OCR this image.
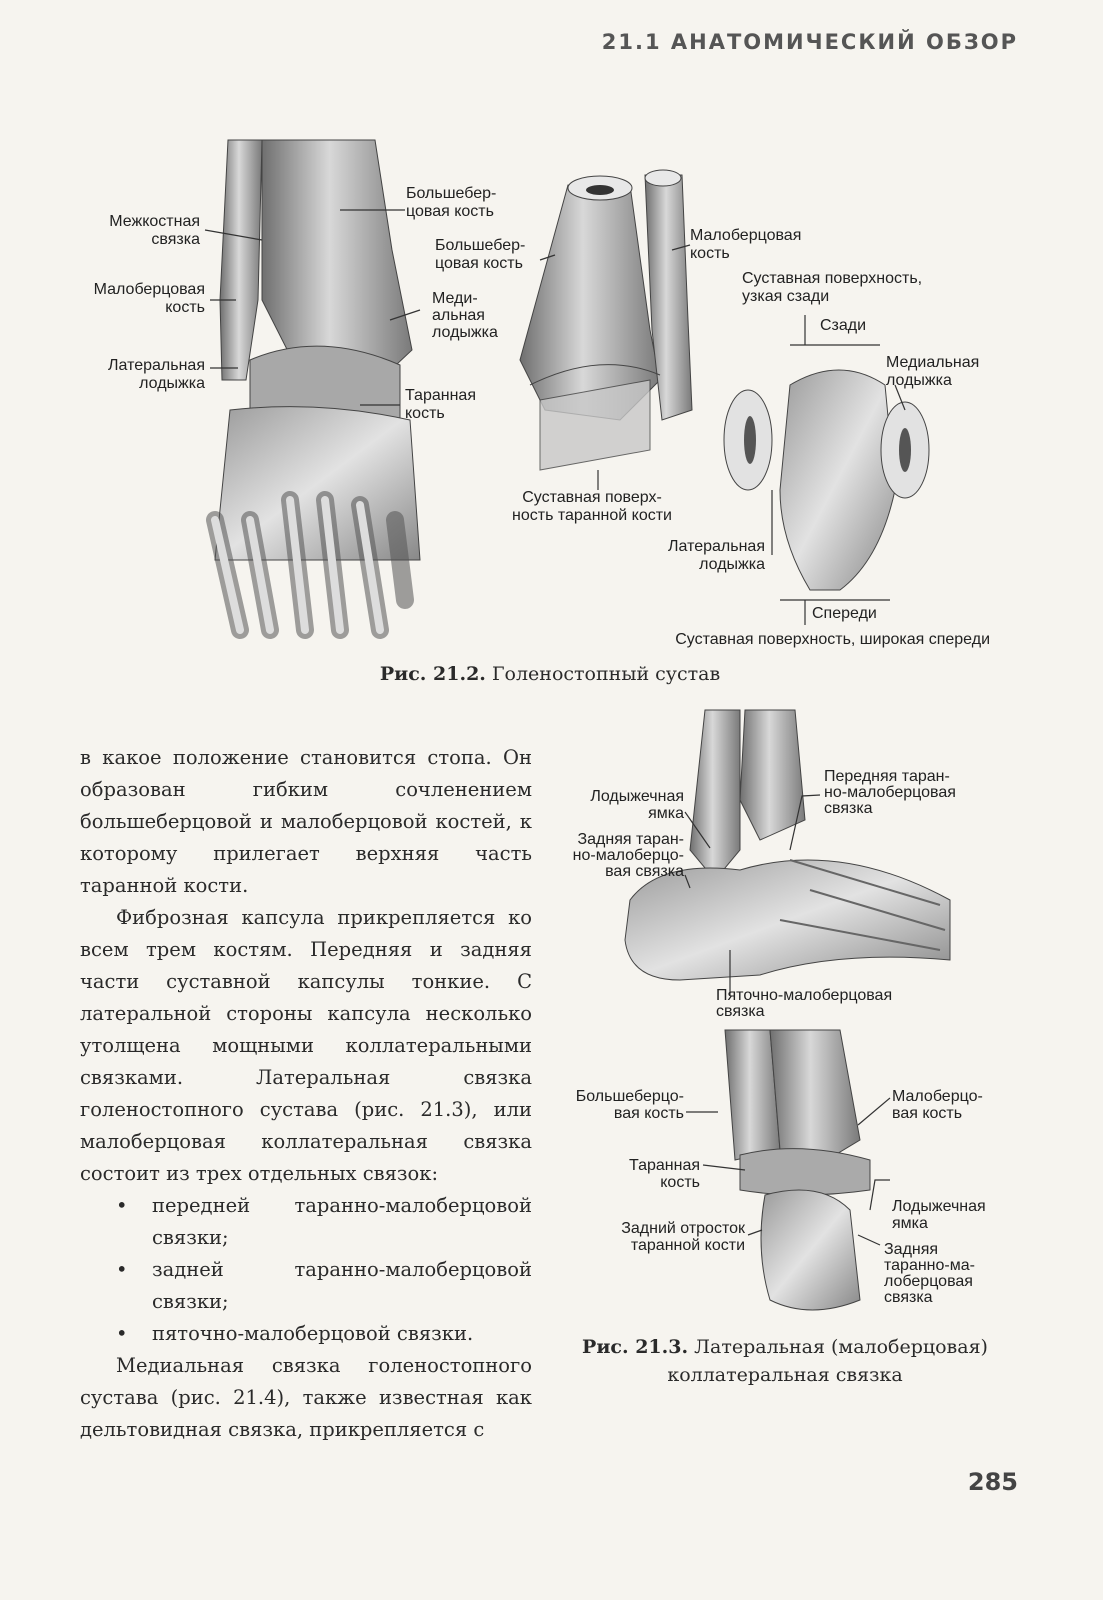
21.1 АНАТОМИЧЕСКИЙ ОБЗОР
Межкостная связка
Малоберцовая кость
Латеральная лодыжка
Большебер-цовая кость
Большебер-цовая кость
Меди-альная лодыжка
Таранная кость
Малоберцовая кость
Суставная поверхность, узкая сзади
Сзади
Медиальная лодыжка
Суставная поверх-ность таранной кости
Латеральная лодыжка
Спереди
Суставная поверхность, широкая спереди
Рис. 21.2. Голеностопный сустав

в какое положение становится стопа. Он образован гибким сочленением большеберцовой и малоберцовой костей, к которому прилегает верхняя часть таранной кости.

Фиброзная капсула прикрепляется ко всем трем костям. Передняя и задняя части суставной капсулы тонкие. С латеральной стороны капсула несколько утолщена мощными коллатеральными связками. Латеральная связка голеностопного сустава (рис. 21.3), или малоберцовая коллатеральная связка состоит из трех отдельных связок:

• передней таранно-малоберцовой связки;
• задней таранно-малоберцовой связки;
• пяточно-малоберцовой связки.

Медиальная связка голеностопного сустава (рис. 21.4), также известная как дельтовидная связка, прикрепляется с

Лодыжечная ямка
Задняя таран-но-малоберцо-вая связка
Передняя таран-но-малоберцовая связка
Пяточно-малоберцовая связка
Большеберцо-вая кость
Малоберцо-вая кость
Таранная кость
Лодыжечная ямка
Задний отросток таранной кости	Задняя таранно-ма-лоберцовая связка
Рис. 21.3. Латеральная (малоберцовая)
коллатеральная связка
285
